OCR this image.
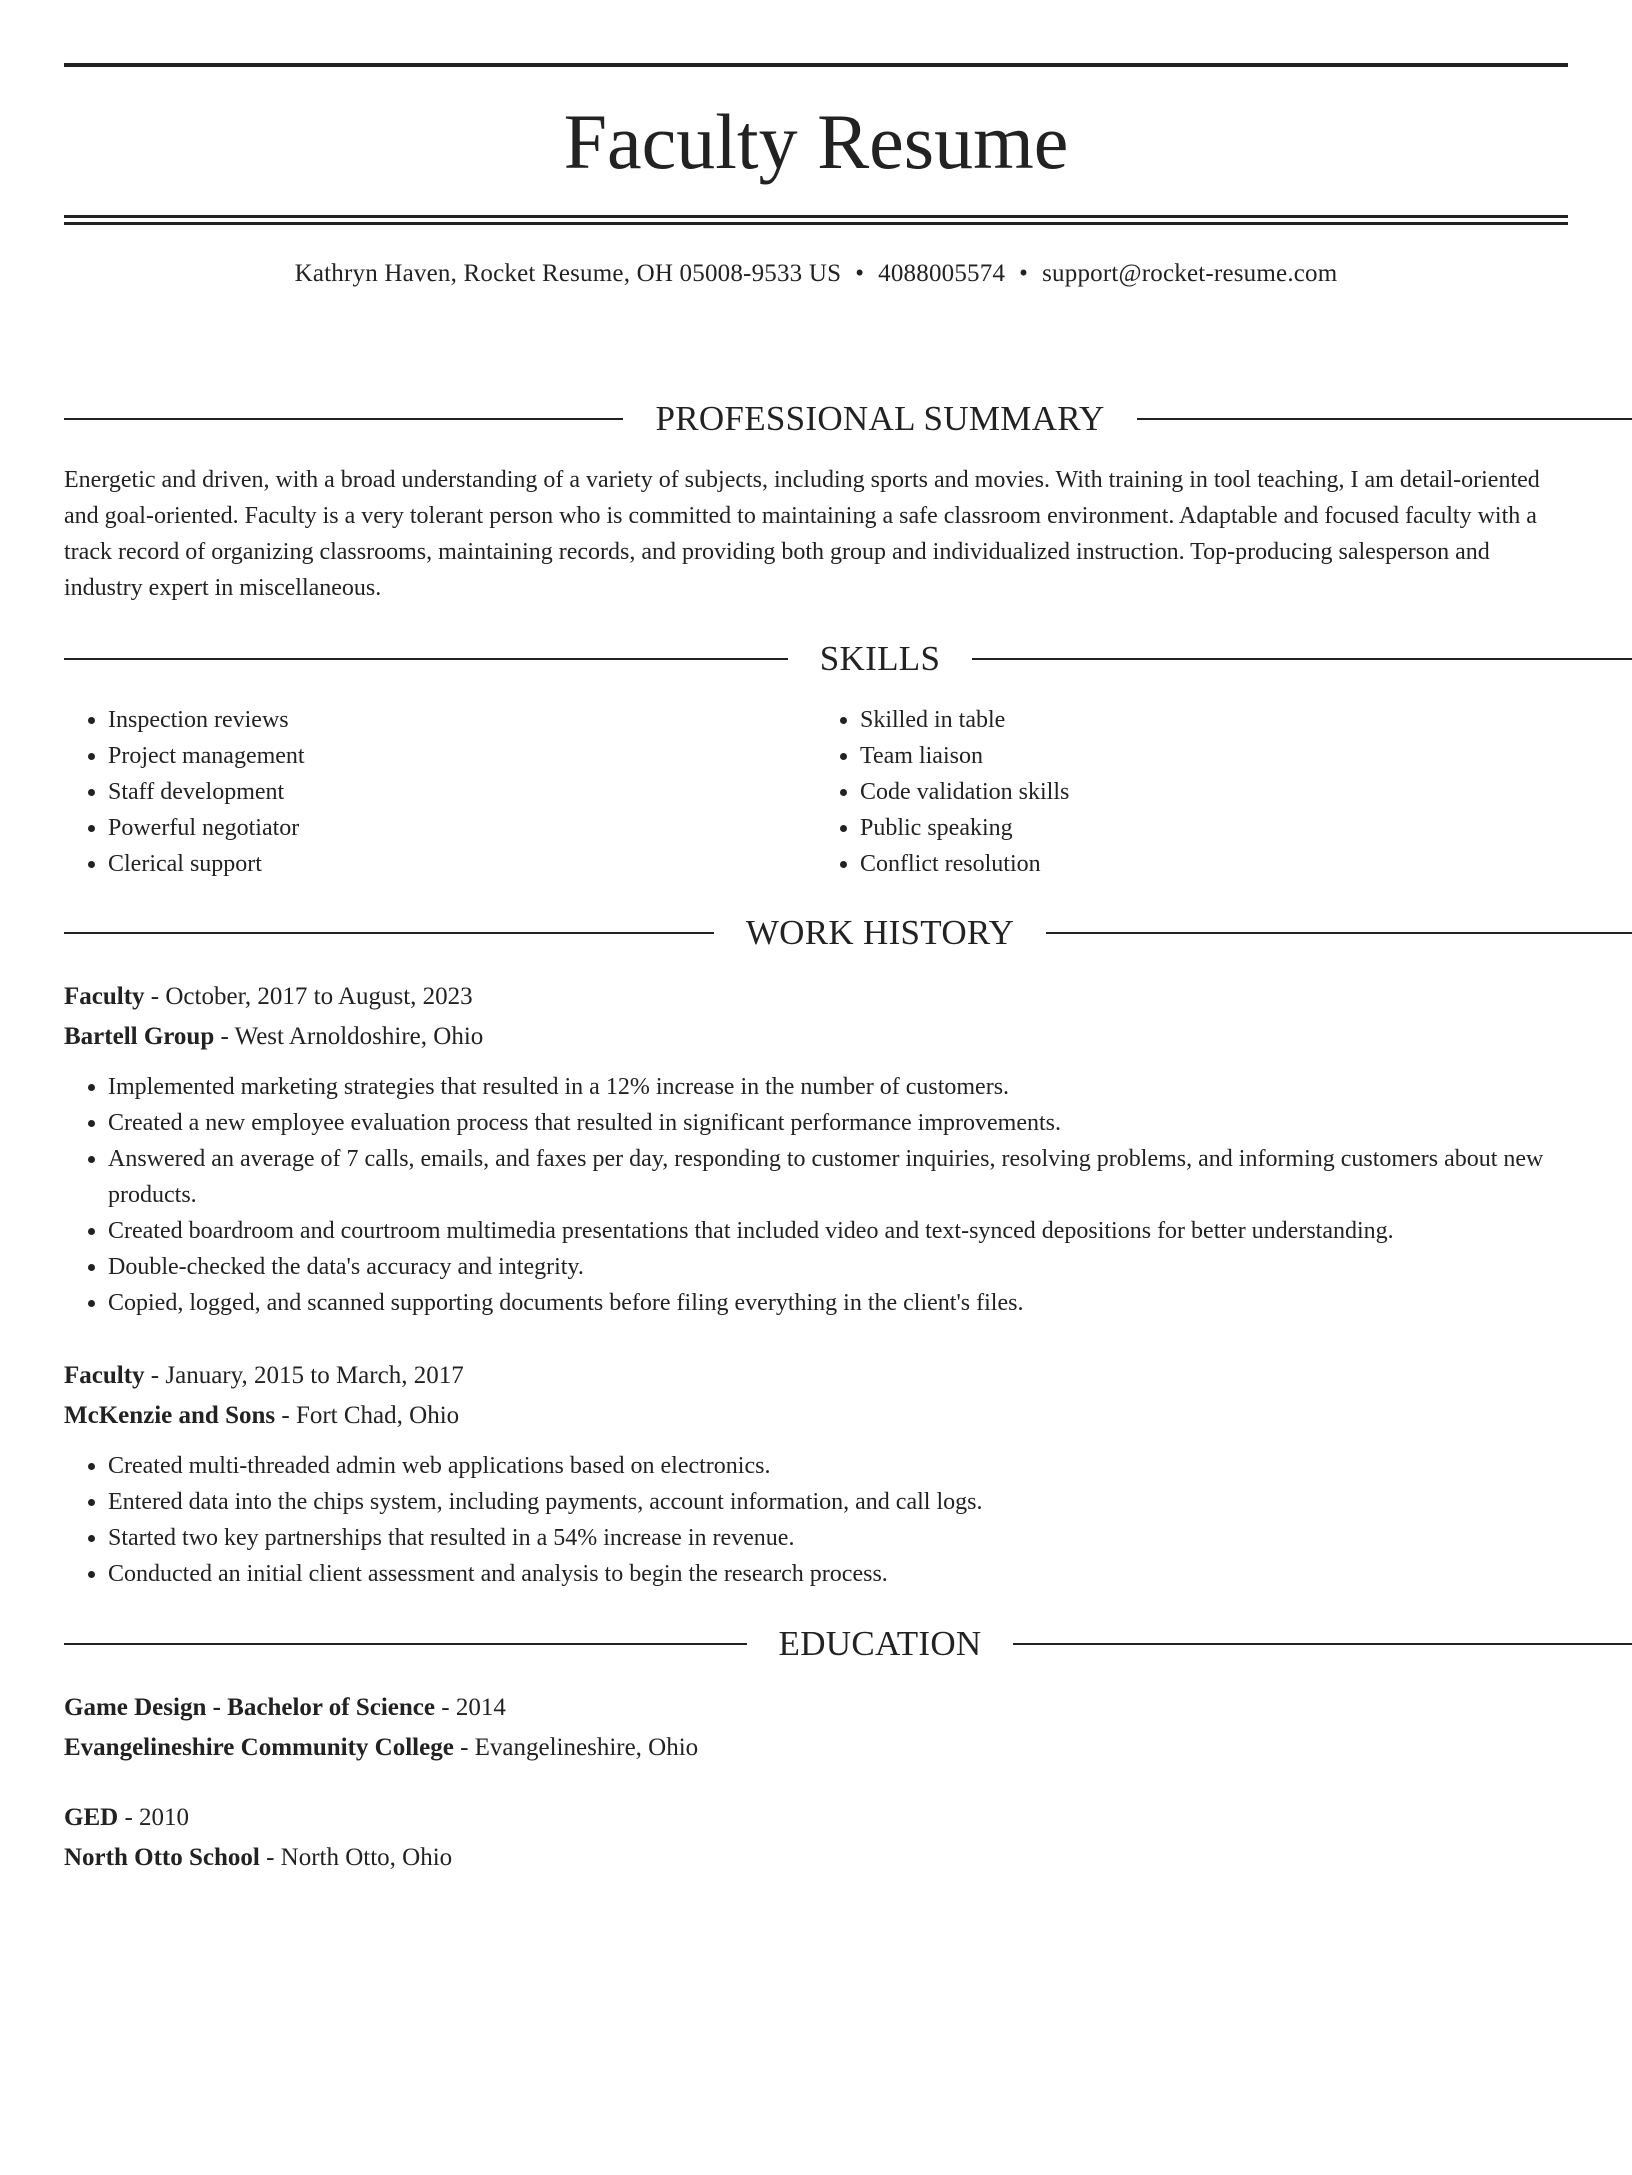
Faculty Resume
Kathryn Haven, Rocket Resume, OH 05008-9533 US • 4088005574 • support@rocket-resume.com
PROFESSIONAL SUMMARY

Energetic and driven, with a broad understanding of a variety of subjects, including sports and movies. With training in tool teaching, I am detail-oriented and goal-oriented. Faculty is a very tolerant person who is committed to maintaining a safe classroom environment. Adaptable and focused faculty with a track record of organizing classrooms, maintaining records, and providing both group and individualized instruction. Top-producing salesperson and industry expert in miscellaneous.

SKILLS
• Inspection reviews
• Project management
• Staff development
• Powerful negotiator
• Clerical support
• Skilled in table
• Team liaison
• Code validation skills
• Public speaking
• Conflict resolution
WORK HISTORY
Faculty - October, 2017 to August, 2023
Bartell Group - West Arnoldoshire, Ohio
• Implemented marketing strategies that resulted in a 12% increase in the number of customers.
• Created a new employee evaluation process that resulted in significant performance improvements.
• Answered an average of 7 calls, emails, and faxes per day, responding to customer inquiries, resolving problems, and informing customers about new products.
• Created boardroom and courtroom multimedia presentations that included video and text-synced depositions for better understanding.
• Double-checked the data's accuracy and integrity.
• Copied, logged, and scanned supporting documents before filing everything in the client's files.
Faculty - January, 2015 to March, 2017
McKenzie and Sons - Fort Chad, Ohio
• Created multi-threaded admin web applications based on electronics.
• Entered data into the chips system, including payments, account information, and call logs.
• Started two key partnerships that resulted in a 54% increase in revenue.
• Conducted an initial client assessment and analysis to begin the research process.
EDUCATION
Game Design - Bachelor of Science - 2014
Evangelineshire Community College - Evangelineshire, Ohio
GED - 2010
North Otto School - North Otto, Ohio
